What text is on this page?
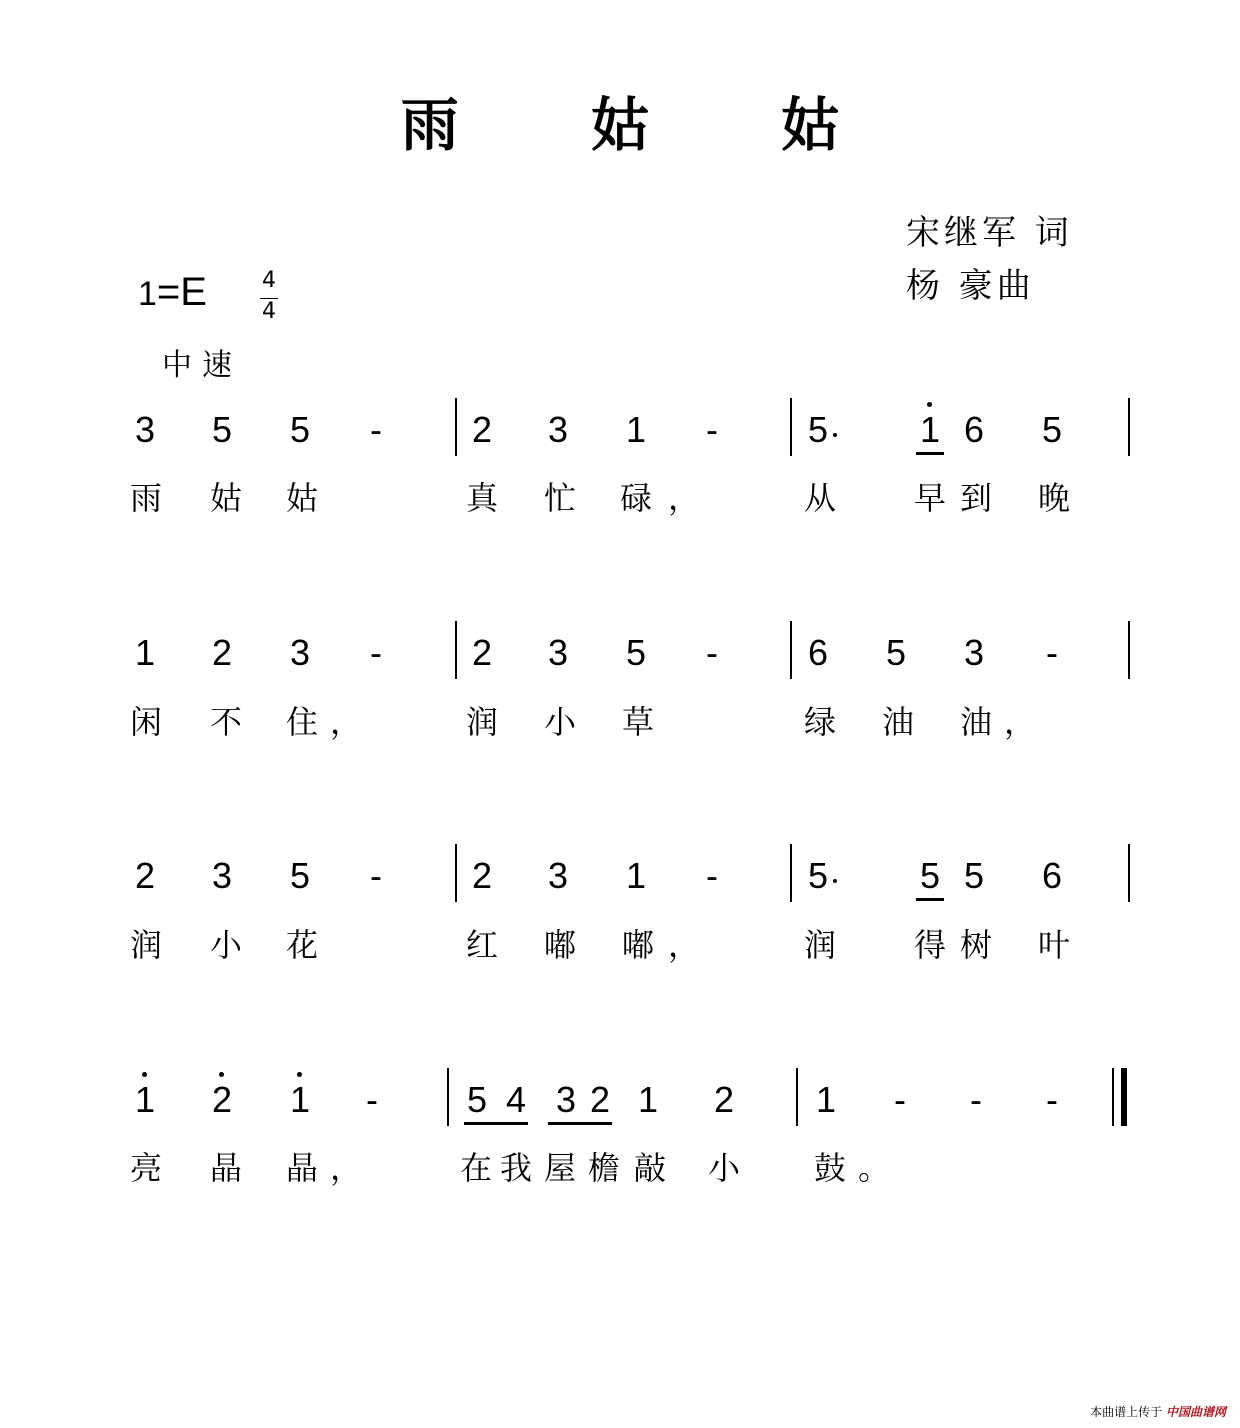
雨 姑 姑
宋继军 词
杨 豪曲
1=E	4
4
中速
3 5 5 - 2 3 1 - 5	1 6 5
雨 姑 姑	真 忙 碌 ，	从 早 到 晚
1 2 3 - 2 3 5 - 6 5 3 -
闲 不 住 ，	润 小 草	绿 油 油 ，
2 3 5 - 2 3 1 - 5	5 5 6
润 小 花	红 嘟 嘟 ，	润 得 树 叶
1 2 1 - 5 4 3 2 1 2 1 - - -
亮 晶 晶 ，	在 我 屋 檐 敲 小 鼓 。
本曲谱上传于 中国曲谱网
